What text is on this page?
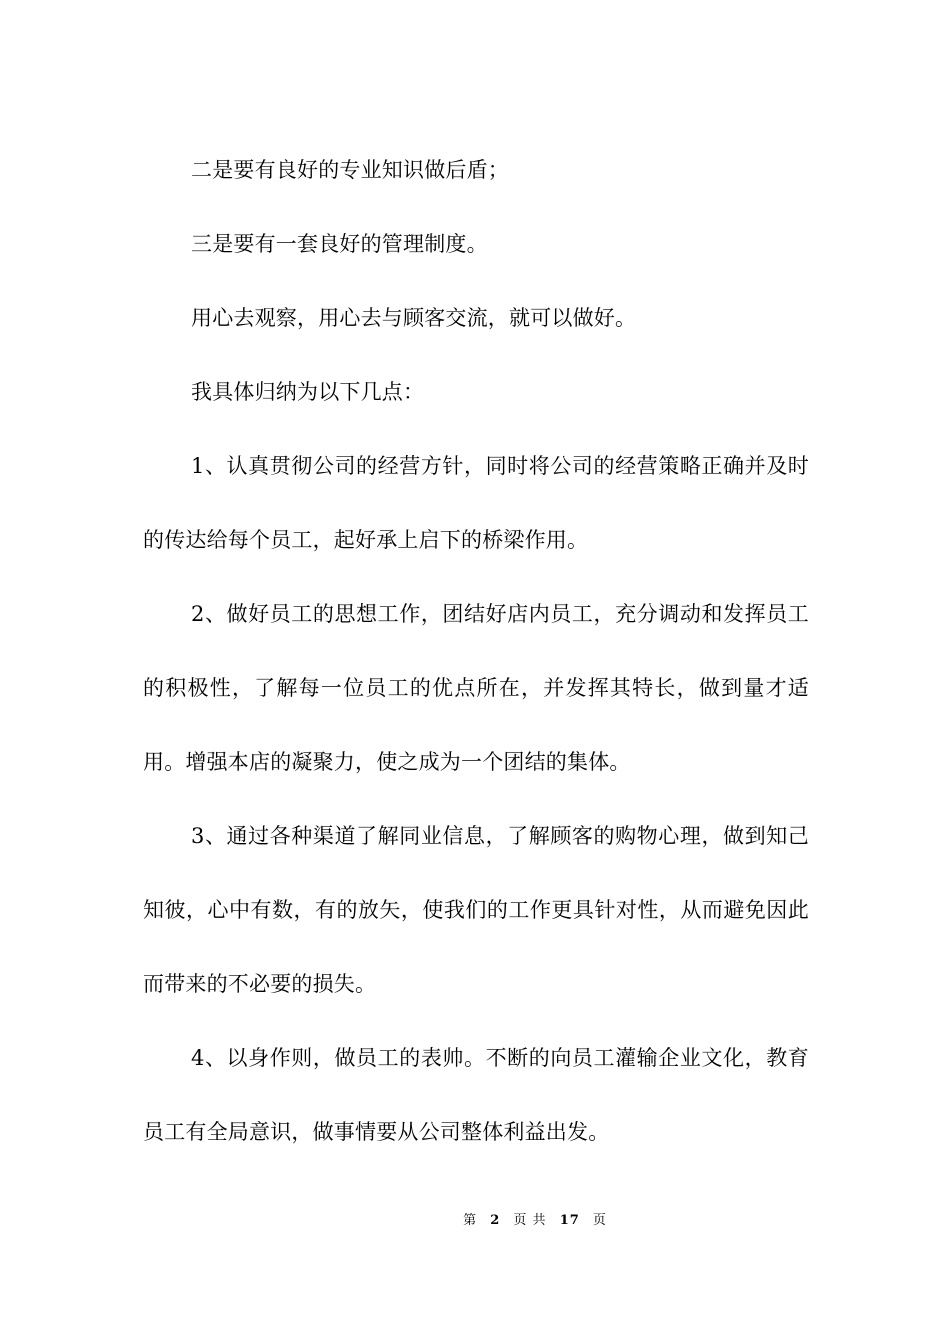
二是要有良好的专业知识做后盾；

三是要有一套良好的管理制度。

用心去观察，用心去与顾客交流，就可以做好。

我具体归纳为以下几点：

1、认真贯彻公司的经营方针，同时将公司的经营策略正确并及时的传达给每个员工，起好承上启下的桥梁作用。

2、做好员工的思想工作，团结好店内员工，充分调动和发挥员工的积极性，了解每一位员工的优点所在，并发挥其特长，做到量才适用。增强本店的凝聚力，使之成为一个团结的集体。

3、通过各种渠道了解同业信息，了解顾客的购物心理，做到知己知彼，心中有数，有的放矢，使我们的工作更具针对性，从而避免因此而带来的不必要的损失。

4、以身作则，做员工的表帅。不断的向员工灌输企业文化，教育员工有全局意识，做事情要从公司整体利益出发。

第 2 页 共 17 页
